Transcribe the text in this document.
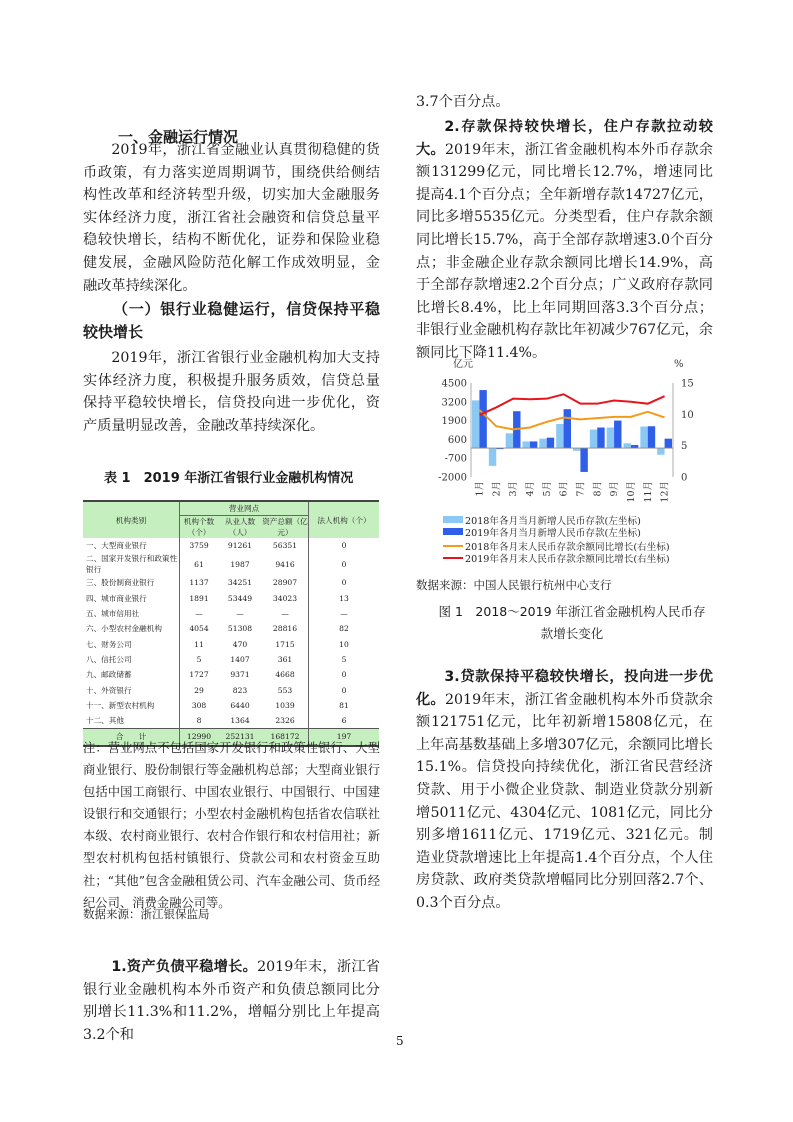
一、金融运行情况
2019年，浙江省金融业认真贯彻稳健的货币政策，有力落实逆周期调节，围绕供给侧结构性改革和经济转型升级，切实加大金融服务实体经济力度，浙江省社会融资和信贷总量平稳较快增长，结构不断优化，证券和保险业稳健发展，金融风险防范化解工作成效明显，金融改革持续深化。
（一）银行业稳健运行，信贷保持平稳较快增长
2019年，浙江省银行业金融机构加大支持实体经济力度，积极提升服务质效，信贷总量保持平稳较快增长，信贷投向进一步优化，资产质量明显改善，金融改革持续深化。
表 1　2019 年浙江省银行业金融机构情况
机构类别	营业网点			法人机构（个）
	机构个数（个）	从业人数（人）	资产总额（亿元）	
一、大型商业银行	3759	91261	56351	0
二、国家开发银行和政策性银行	61	1987	9416	0
三、股份制商业银行	1137	34251	28907	0
四、城市商业银行	1891	53449	34023	13
五、城市信用社	—	—	—	—
六、小型农村金融机构	4054	51308	28816	82
七、财务公司	11	470	1715	10
八、信托公司	5	1407	361	5
九、邮政储蓄	1727	9371	4668	0
十、外资银行	29	823	553	0
十一、新型农村机构	308	6440	1039	81
十二、其他	8	1364	2326	6
合　　计	12990	252131	168172	197
注：营业网点不包括国家开发银行和政策性银行、大型商业银行、股份制银行等金融机构总部；大型商业银行包括中国工商银行、中国农业银行、中国银行、中国建设银行和交通银行；小型农村金融机构包括省农信联社本级、农村商业银行、农村合作银行和农村信用社；新型农村机构包括村镇银行、贷款公司和农村资金互助社；“其他”包含金融租赁公司、汽车金融公司、货币经纪公司、消费金融公司等。
数据来源：浙江银保监局
1.资产负债平稳增长。2019年末，浙江省银行业金融机构本外币资产和负债总额同比分别增长11.3%和11.2%，增幅分别比上年提高3.2个和	5
3.7个百分点。
2.存款保持较快增长，住户存款拉动较大。2019年末，浙江省金融机构本外币存款余额131299亿元，同比增长12.7%，增速同比提高4.1个百分点；全年新增存款14727亿元，同比多增5535亿元。分类型看，住户存款余额同比增长15.7%，高于全部存款增速3.0个百分点；非金融企业存款余额同比增长14.9%，高于全部存款增速2.2个百分点；广义政府存款同比增长8.4%，比上年同期回落3.3个百分点；非银行业金融机构存款比年初减少767亿元，余额同比下降11.4%。
亿元	%
4500
3200
1900
600
-700
-2000
15
10
5
0
1月 2月 3月 4月 5月 6月 7月 8月 9月 10月 11月 12月
2018年各月当月新增人民币存款(左坐标)
2019年各月当月新增人民币存款(左坐标)
2018年各月末人民币存款余额同比增长(右坐标)
2019年各月末人民币存款余额同比增长(右坐标)
数据来源：中国人民银行杭州中心支行
图 1　2018～2019 年浙江省金融机构人民币存款增长变化
3.贷款保持平稳较快增长，投向进一步优化。2019年末，浙江省金融机构本外币贷款余额121751亿元，比年初新增15808亿元，在上年高基数基础上多增307亿元，余额同比增长15.1%。信贷投向持续优化，浙江省民营经济贷款、用于小微企业贷款、制造业贷款分别新增5011亿元、4304亿元、1081亿元，同比分别多增1611亿元、1719亿元、321亿元。制造业贷款增速比上年提高1.4个百分点，个人住房贷款、政府类贷款增幅同比分别回落2.7个、0.3个百分点。
